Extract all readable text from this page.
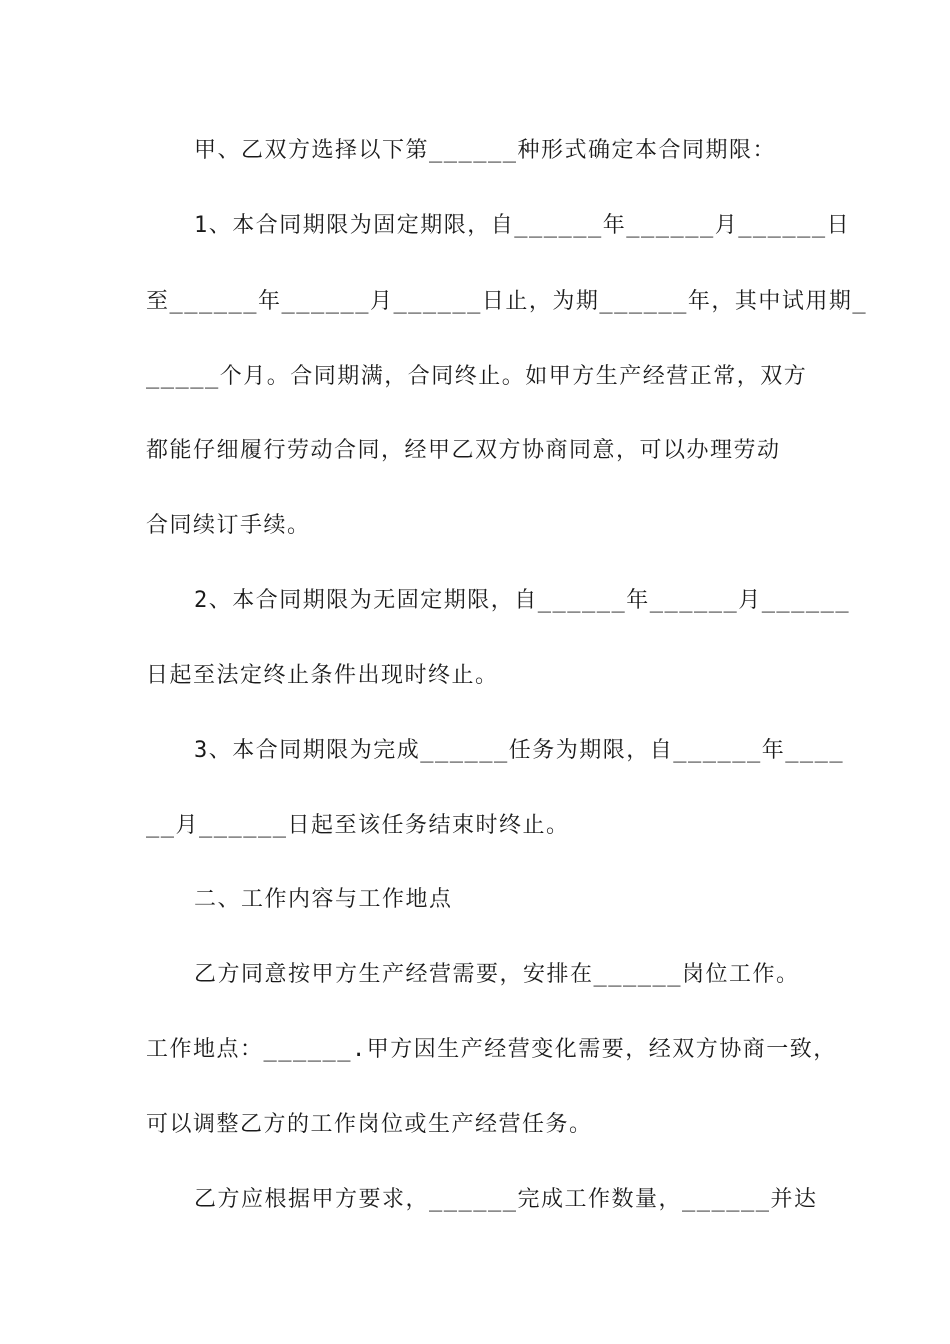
甲、乙双方选择以下第______种形式确定本合同期限：

1、本合同期限为固定期限，自______年______月______日

至______年______月______日止，为期______年，其中试用期_

_____个月。合同期满，合同终止。如甲方生产经营正常，双方

都能仔细履行劳动合同，经甲乙双方协商同意，可以办理劳动

合同续订手续。

2、本合同期限为无固定期限，自______年______月______

日起至法定终止条件出现时终止。

3、本合同期限为完成______任务为期限，自______年____

__月______日起至该任务结束时终止。

二、工作内容与工作地点

乙方同意按甲方生产经营需要，安排在______岗位工作。

工作地点：______.甲方因生产经营变化需要，经双方协商一致，

可以调整乙方的工作岗位或生产经营任务。

乙方应根据甲方要求，______完成工作数量，______并达
